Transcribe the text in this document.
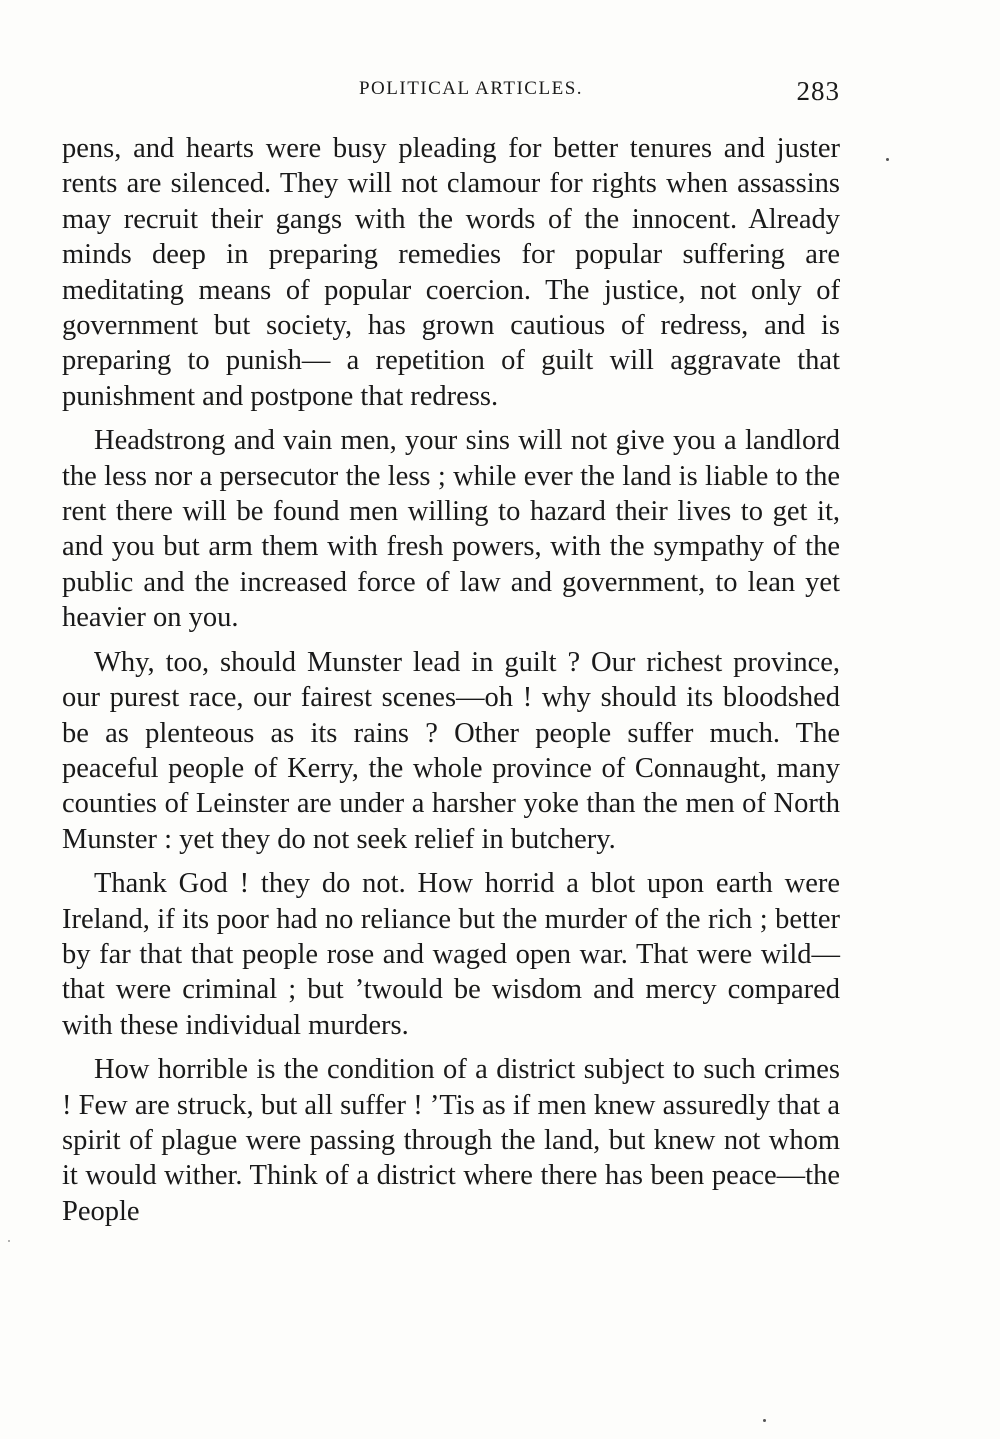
POLITICAL ARTICLES.	283

pens, and hearts were busy pleading for better tenures and juster rents are silenced. They will not clamour for rights when assassins may recruit their gangs with the words of the innocent. Already minds deep in preparing remedies for popular suffering are meditating means of popular coercion. The justice, not only of government but society, has grown cautious of redress, and is preparing to punish— a repetition of guilt will aggravate that punishment and postpone that redress.

Headstrong and vain men, your sins will not give you a landlord the less nor a persecutor the less ; while ever the land is liable to the rent there will be found men willing to hazard their lives to get it, and you but arm them with fresh powers, with the sympathy of the public and the increased force of law and government, to lean yet heavier on you.

Why, too, should Munster lead in guilt ? Our richest province, our purest race, our fairest scenes—oh ! why should its bloodshed be as plenteous as its rains ? Other people suffer much. The peaceful people of Kerry, the whole province of Connaught, many counties of Leinster are under a harsher yoke than the men of North Munster : yet they do not seek relief in butchery.

Thank God ! they do not. How horrid a blot upon earth were Ireland, if its poor had no reliance but the murder of the rich ; better by far that that people rose and waged open war. That were wild—that were criminal ; but ’twould be wisdom and mercy compared with these individual murders.

How horrible is the condition of a district subject to such crimes ! Few are struck, but all suffer ! ’Tis as if men knew assuredly that a spirit of plague were passing through the land, but knew not whom it would wither. Think of a district where there has been peace—the People
